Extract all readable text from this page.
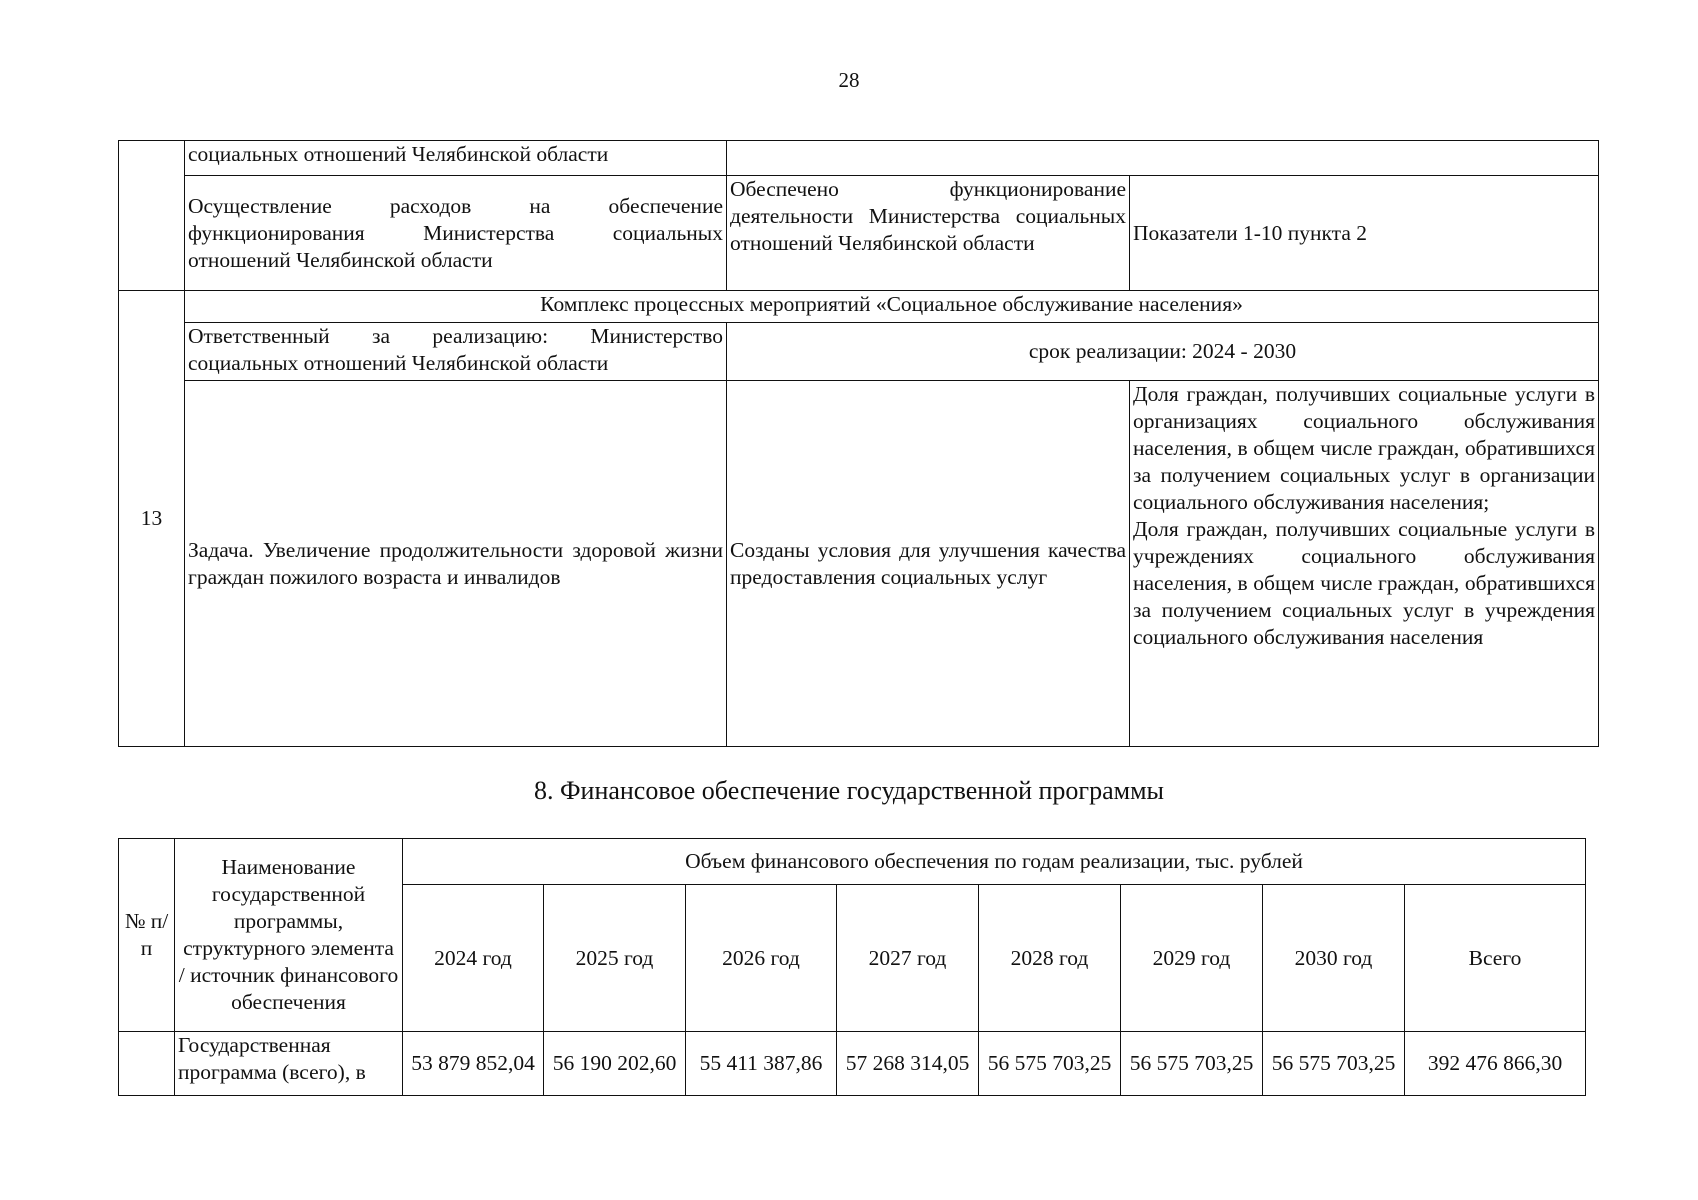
28
	социальных отношений Челябинской области		
	Осуществление расходов на обеспечение функционирования Министерства социальных отношений Челябинской области	Обеспечено функционирование деятельности Министерства социальных отношений Челябинской области	Показатели 1-10 пункта 2
13	Комплекс процессных мероприятий «Социальное обслуживание населения»		
	Ответственный за реализацию: Министерство социальных отношений Челябинской области	срок реализации: 2024 - 2030	
	Задача. Увеличение продолжительности здоровой жизни граждан пожилого возраста и инвалидов	Созданы условия для улучшения качества предоставления социальных услуг	Доля граждан, получивших социальные услуги в организациях социального обслуживания населения, в общем числе граждан, обратившихся за получением социальных услуг в организации социального обслуживания населения;
Доля граждан, получивших социальные услуги в учреждениях социального обслуживания населения, в общем числе граждан, обратившихся за получением социальных услуг в учреждения социального обслуживания населения
8. Финансовое обеспечение государственной программы
№ п/п	Наименование государственной программы, структурного элемента / источник финансового обеспечения	Объем финансового обеспечения по годам реализации, тыс. рублей							
		2024 год	2025 год	2026 год	2027 год	2028 год	2029 год	2030 год	Всего
	Государственная программа (всего), в	53 879 852,04	56 190 202,60	55 411 387,86	57 268 314,05	56 575 703,25	56 575 703,25	56 575 703,25	392 476 866,30
